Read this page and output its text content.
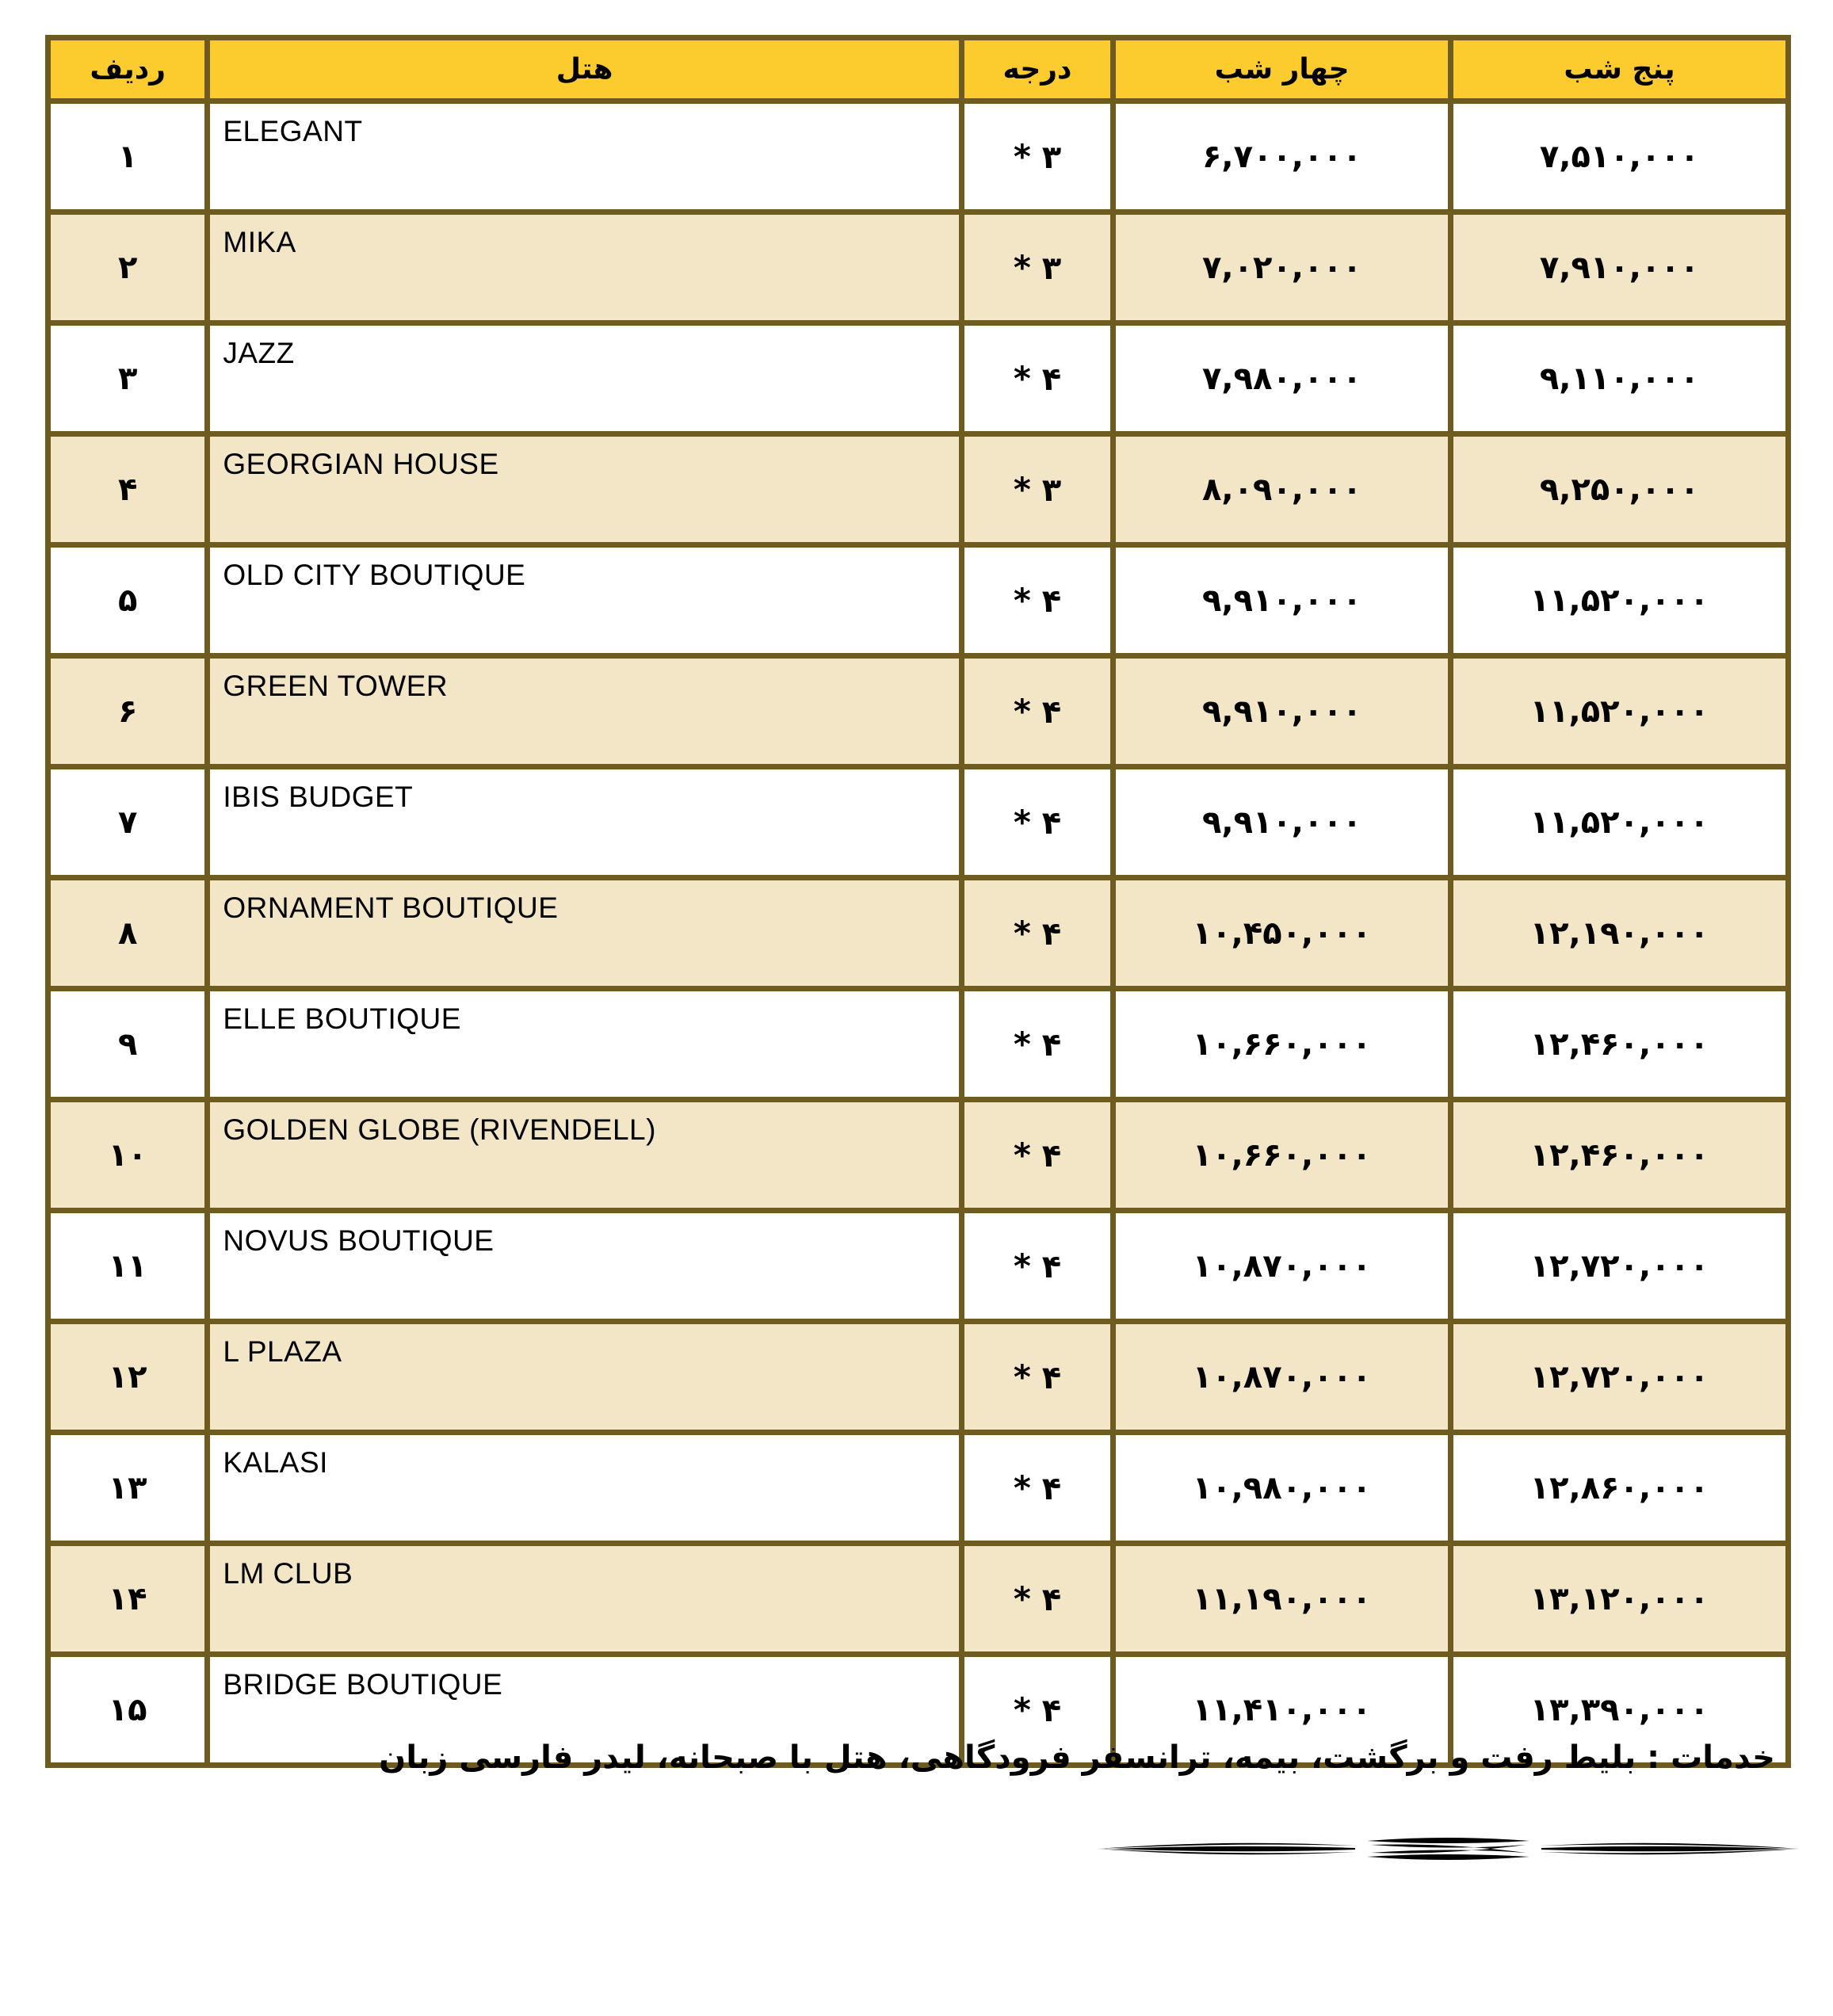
ردیف	هتل	درجه	چهار شب	پنج شب
۱	ELEGANT	۳ *	۶,۷۰۰,۰۰۰	۷,۵۱۰,۰۰۰
۲	MIKA	۳ *	۷,۰۲۰,۰۰۰	۷,۹۱۰,۰۰۰
۳	JAZZ	۴ *	۷,۹۸۰,۰۰۰	۹,۱۱۰,۰۰۰
۴	GEORGIAN HOUSE	۳ *	۸,۰۹۰,۰۰۰	۹,۲۵۰,۰۰۰
۵	OLD CITY BOUTIQUE	۴ *	۹,۹۱۰,۰۰۰	۱۱,۵۲۰,۰۰۰
۶	GREEN TOWER	۴ *	۹,۹۱۰,۰۰۰	۱۱,۵۲۰,۰۰۰
۷	IBIS BUDGET	۴ *	۹,۹۱۰,۰۰۰	۱۱,۵۲۰,۰۰۰
۸	ORNAMENT BOUTIQUE	۴ *	۱۰,۴۵۰,۰۰۰	۱۲,۱۹۰,۰۰۰
۹	ELLE BOUTIQUE	۴ *	۱۰,۶۶۰,۰۰۰	۱۲,۴۶۰,۰۰۰
۱۰	GOLDEN GLOBE (RIVENDELL)	۴ *	۱۰,۶۶۰,۰۰۰	۱۲,۴۶۰,۰۰۰
۱۱	NOVUS BOUTIQUE	۴ *	۱۰,۸۷۰,۰۰۰	۱۲,۷۲۰,۰۰۰
۱۲	L PLAZA	۴ *	۱۰,۸۷۰,۰۰۰	۱۲,۷۲۰,۰۰۰
۱۳	KALASI	۴ *	۱۰,۹۸۰,۰۰۰	۱۲,۸۶۰,۰۰۰
۱۴	LM CLUB	۴ *	۱۱,۱۹۰,۰۰۰	۱۳,۱۲۰,۰۰۰
۱۵	BRIDGE BOUTIQUE	۴ *	۱۱,۴۱۰,۰۰۰	۱۳,۳۹۰,۰۰۰
خدمات : بلیط رفت و برگشت، بیمه، ترانسفر فرودگاهی، هتل با صبحانه، لیدر فارسی زبان
